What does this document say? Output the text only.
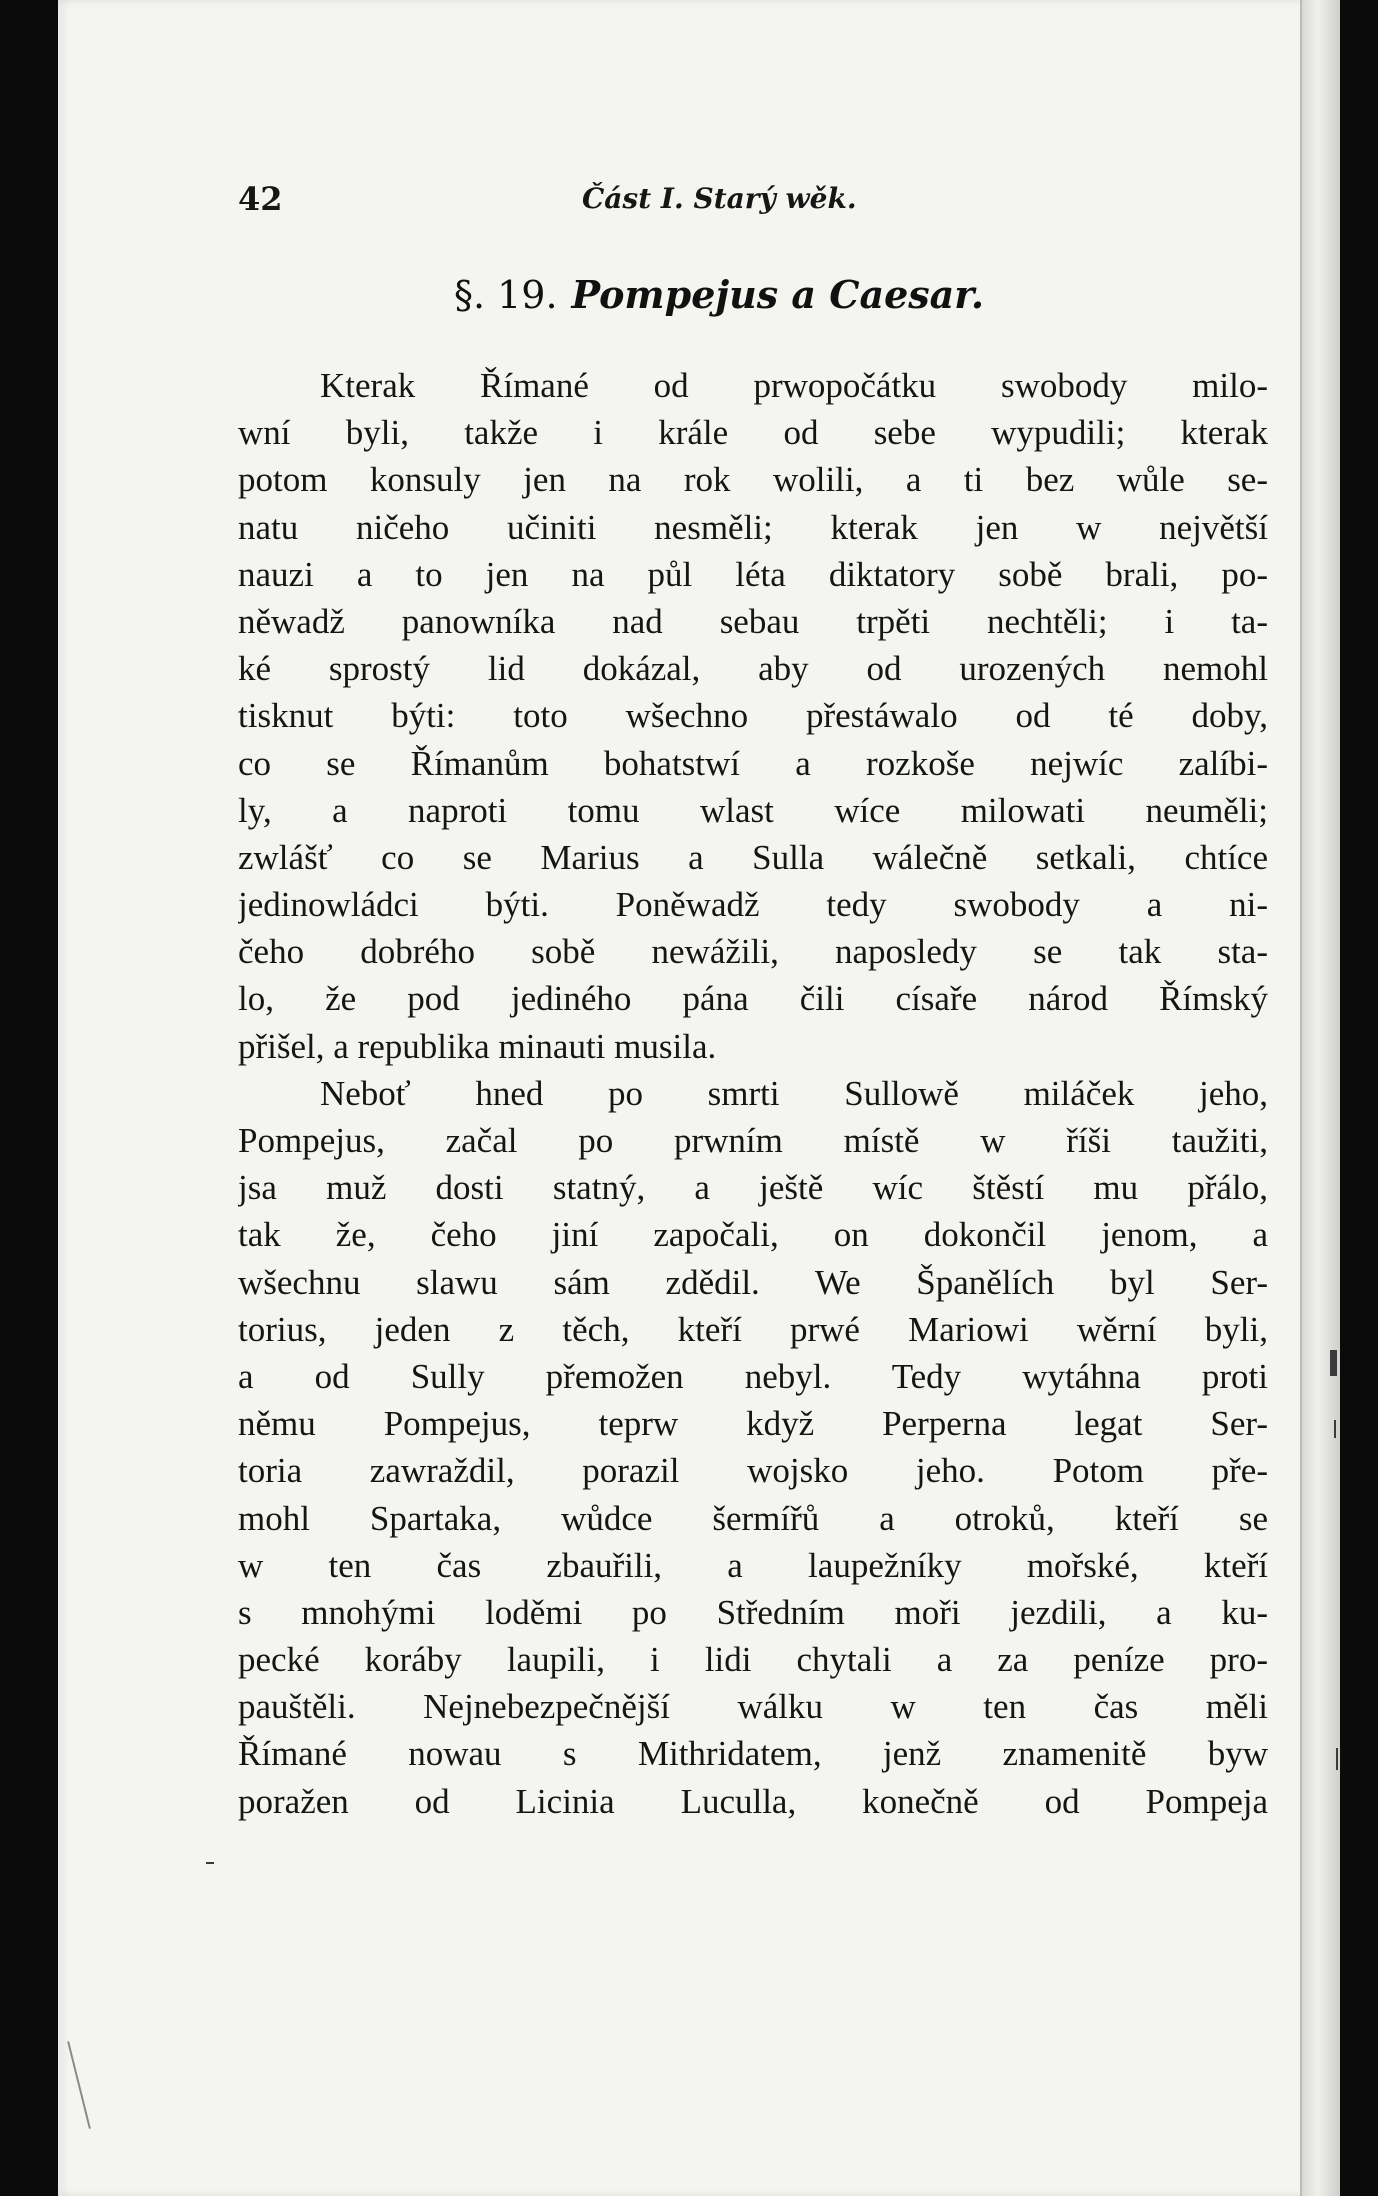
42	Část I. Starý wěk.
§. 19. Pompejus a Caesar.
Kterak Římané od prwopočátku swobody milo-
wní byli, takže i krále od sebe wypudili; kterak
potom konsuly jen na rok wolili, a ti bez wůle se-
natu ničeho učiniti nesměli; kterak jen w největší
nauzi a to jen na půl léta diktatory sobě brali, po-
něwadž panowníka nad sebau trpěti nechtěli; i ta-
ké sprostý lid dokázal, aby od urozených nemohl
tisknut býti: toto wšechno přestáwalo od té doby,
co se Římanům bohatstwí a rozkoše nejwíc zalíbi-
ly, a naproti tomu wlast wíce milowati neuměli;
zwlášť co se Marius a Sulla wálečně setkali, chtíce
jedinowládci býti. Poněwadž tedy swobody a ni-
čeho dobrého sobě newážili, naposledy se tak sta-
lo, že pod jediného pána čili císaře národ Římský
přišel, a republika minauti musila.
Neboť hned po smrti Sullowě miláček jeho,
Pompejus, začal po prwním místě w říši taužiti,
jsa muž dosti statný, a ještě wíc štěstí mu přálo,
tak že, čeho jiní započali, on dokončil jenom, a
wšechnu slawu sám zdědil. We Španělích byl Ser-
torius, jeden z těch, kteří prwé Mariowi wěrní byli,
a od Sully přemožen nebyl. Tedy wytáhna proti
němu Pompejus, teprw když Perperna legat Ser-
toria zawraždil, porazil wojsko jeho. Potom pře-
mohl Spartaka, wůdce šermířů a otroků, kteří se
w ten čas zbauřili, a laupežníky mořské, kteří
s mnohými loděmi po Středním moři jezdili, a ku-
pecké koráby laupili, i lidi chytali a za peníze pro-
pauštěli. Nejnebezpečnější wálku w ten čas měli
Římané nowau s Mithridatem, jenž znamenitě byw
poražen od Licinia Luculla, konečně od Pompeja
